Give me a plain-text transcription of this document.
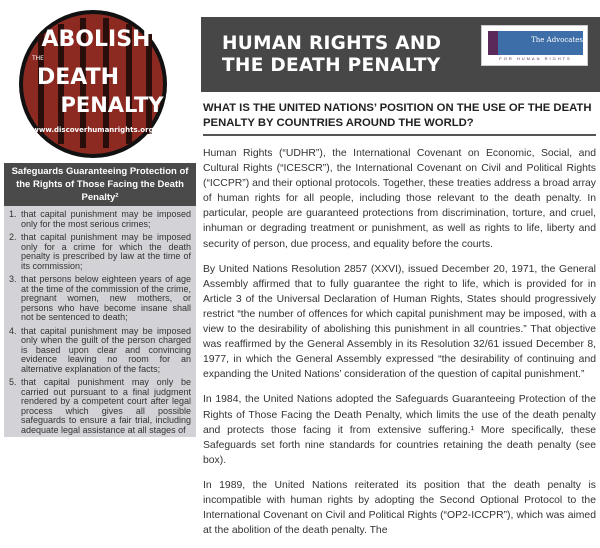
ABOLISH
THE
DEATH
PENALTY
www.discoverhumanrights.org
Safeguards Guaranteeing Protection of the Rights of Those Facing the Death Penalty²
1. that capital punishment may be imposed only for the most serious crimes;
2. that capital punishment may be imposed only for a crime for which the death penalty is prescribed by law at the time of its commission;
3. that persons below eighteen years of age at the time of the commission of the crime, pregnant women, new mothers, or persons who have become insane shall not be sentenced to death;
4. that capital punishment may be imposed only when the guilt of the person charged is based upon clear and convincing evidence leaving no room for an alternative explanation of the facts;
5. that capital punishment may only be carried out pursuant to a final judgment rendered by a competent court after legal process which gives all possible safeguards to ensure a fair trial, including adequate legal assistance at all stages of
HUMAN RIGHTS AND
THE DEATH PENALTY
The Advocates
FOR HUMAN RIGHTS
WHAT IS THE UNITED NATIONS’ POSITION ON THE USE OF THE DEATH PENALTY BY COUNTRIES AROUND THE WORLD?

Human Rights (“UDHR”), the International Covenant on Economic, Social, and Cultural Rights (“ICESCR”), the International Covenant on Civil and Political Rights (“ICCPR”) and their optional protocols. Together, these treaties address a broad array of human rights for all people, including those relevant to the death penalty. In particular, people are guaranteed protections from discrimination, torture, and cruel, inhuman or degrading treatment or punishment, as well as rights to life, liberty and security of person, due process, and equality before the courts.

By United Nations Resolution 2857 (XXVI), issued December 20, 1971, the General Assembly affirmed that to fully guarantee the right to life, which is provided for in Article 3 of the Universal Declaration of Human Rights, States should progressively restrict “the number of offences for which capital punishment may be imposed, with a view to the desirability of abolishing this punishment in all countries.” That objective was reaffirmed by the General Assembly in its Resolution 32/61 issued December 8, 1977, in which the General Assembly expressed “the desirability of continuing and expanding the United Nations’ consideration of the question of capital punishment.”

In 1984, the United Nations adopted the Safeguards Guaranteeing Protection of the Rights of Those Facing the Death Penalty, which limits the use of the death penalty and protects those facing it from extensive suffering.¹ More specifically, these Safeguards set forth nine standards for countries retaining the death penalty (see box).

In 1989, the United Nations reiterated its position that the death penalty is incompatible with human rights by adopting the Second Optional Protocol to the International Covenant on Civil and Political Rights (“OP2-ICCPR”), which was aimed at the abolition of the death penalty. The
